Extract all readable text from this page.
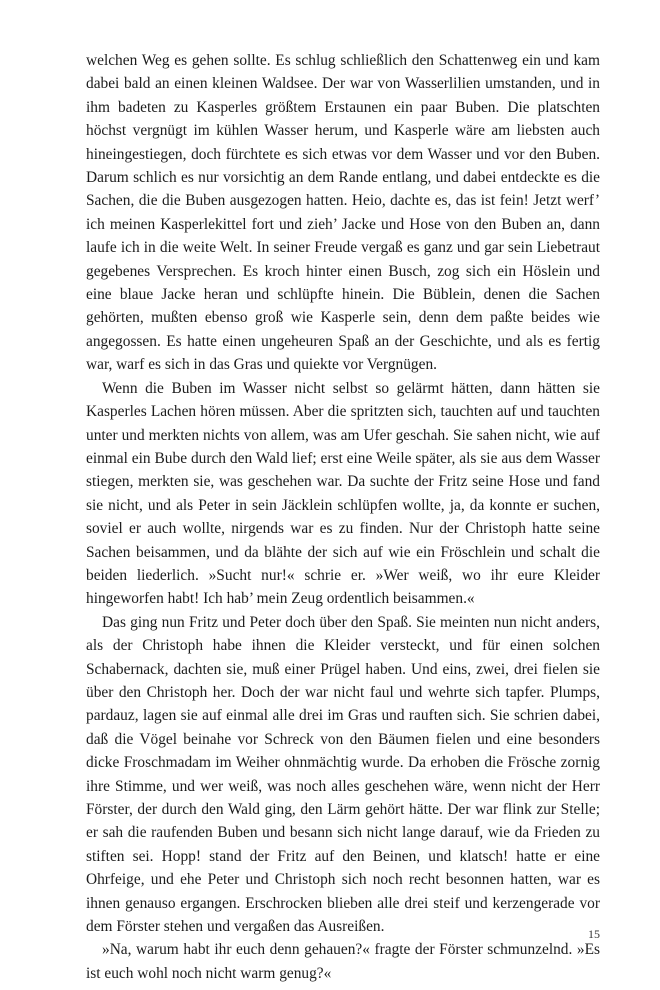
welchen Weg es gehen sollte. Es schlug schließlich den Schattenweg ein und kam dabei bald an einen kleinen Waldsee. Der war von Wasserlilien umstanden, und in ihm badeten zu Kasperles größtem Erstaunen ein paar Buben. Die platschten höchst vergnügt im kühlen Wasser herum, und Kasperle wäre am liebsten auch hineingestiegen, doch fürchtete es sich etwas vor dem Wasser und vor den Buben. Darum schlich es nur vorsichtig an dem Rande entlang, und dabei entdeckte es die Sachen, die die Buben ausgezogen hatten. Heio, dachte es, das ist fein! Jetzt werf’ ich meinen Kasperlekittel fort und zieh’ Jacke und Hose von den Buben an, dann laufe ich in die weite Welt. In seiner Freude vergaß es ganz und gar sein Liebetraut gegebenes Versprechen. Es kroch hinter einen Busch, zog sich ein Höslein und eine blaue Jacke heran und schlüpfte hinein. Die Büblein, denen die Sachen gehörten, mußten ebenso groß wie Kasperle sein, denn dem paßte beides wie angegossen. Es hatte einen ungeheuren Spaß an der Geschichte, und als es fertig war, warf es sich in das Gras und quiekte vor Vergnügen.

Wenn die Buben im Wasser nicht selbst so gelärmt hätten, dann hätten sie Kasperles Lachen hören müssen. Aber die spritzten sich, tauchten auf und tauchten unter und merkten nichts von allem, was am Ufer geschah. Sie sahen nicht, wie auf einmal ein Bube durch den Wald lief; erst eine Weile später, als sie aus dem Wasser stiegen, merkten sie, was geschehen war. Da suchte der Fritz seine Hose und fand sie nicht, und als Peter in sein Jäcklein schlüpfen wollte, ja, da konnte er suchen, soviel er auch wollte, nirgends war es zu finden. Nur der Christoph hatte seine Sachen beisammen, und da blähte der sich auf wie ein Fröschlein und schalt die beiden liederlich. »Sucht nur!« schrie er. »Wer weiß, wo ihr eure Kleider hingeworfen habt! Ich hab’ mein Zeug ordentlich beisammen.«

Das ging nun Fritz und Peter doch über den Spaß. Sie meinten nun nicht anders, als der Christoph habe ihnen die Kleider versteckt, und für einen solchen Schabernack, dachten sie, muß einer Prügel haben. Und eins, zwei, drei fielen sie über den Christoph her. Doch der war nicht faul und wehrte sich tapfer. Plumps, pardauz, lagen sie auf einmal alle drei im Gras und rauften sich. Sie schrien dabei, daß die Vögel beinahe vor Schreck von den Bäumen fielen und eine besonders dicke Froschmadam im Weiher ohnmächtig wurde. Da erhoben die Frösche zornig ihre Stimme, und wer weiß, was noch alles geschehen wäre, wenn nicht der Herr Förster, der durch den Wald ging, den Lärm gehört hätte. Der war flink zur Stelle; er sah die raufenden Buben und besann sich nicht lange darauf, wie da Frieden zu stiften sei. Hopp! stand der Fritz auf den Beinen, und klatsch! hatte er eine Ohrfeige, und ehe Peter und Christoph sich noch recht besonnen hatten, war es ihnen genauso ergangen. Erschrocken blieben alle drei steif und kerzengerade vor dem Förster stehen und vergaßen das Ausreißen.

»Na, warum habt ihr euch denn gehauen?« fragte der Förster schmunzelnd. »Es ist euch wohl noch nicht warm genug?«

15
